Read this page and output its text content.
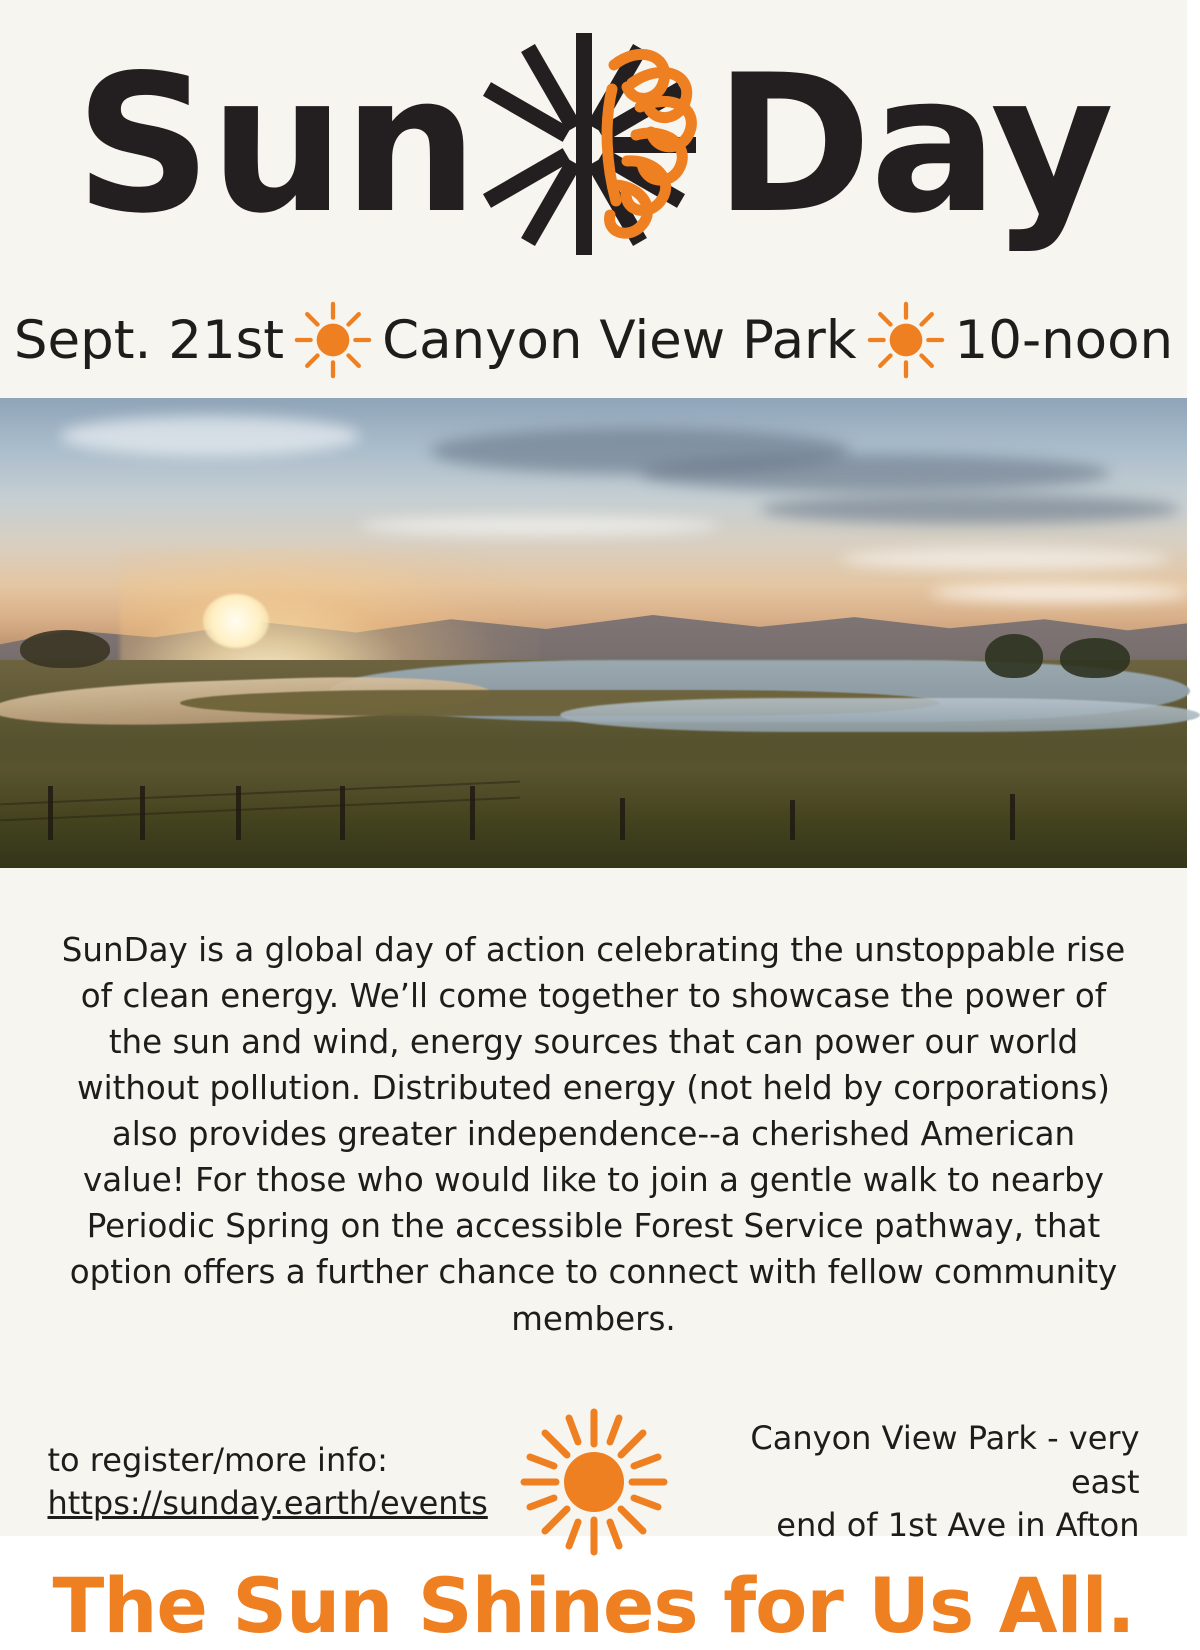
Sun Day
Sept. 21st Canyon View Park 10-noon

SunDay is a global day of action celebrating the unstoppable rise of clean energy. We’ll come together to showcase the power of the sun and wind, energy sources that can power our world without pollution. Distributed energy (not held by corporations) also provides greater independence--a cherished American value! For those who would like to join a gentle walk to nearby Periodic Spring on the accessible Forest Service pathway, that option offers a further chance to connect with fellow community members.

to register/more info:
https://sunday.earth/events
Canyon View Park - very east
end of 1st Ave in Afton
The Sun Shines for Us All.
